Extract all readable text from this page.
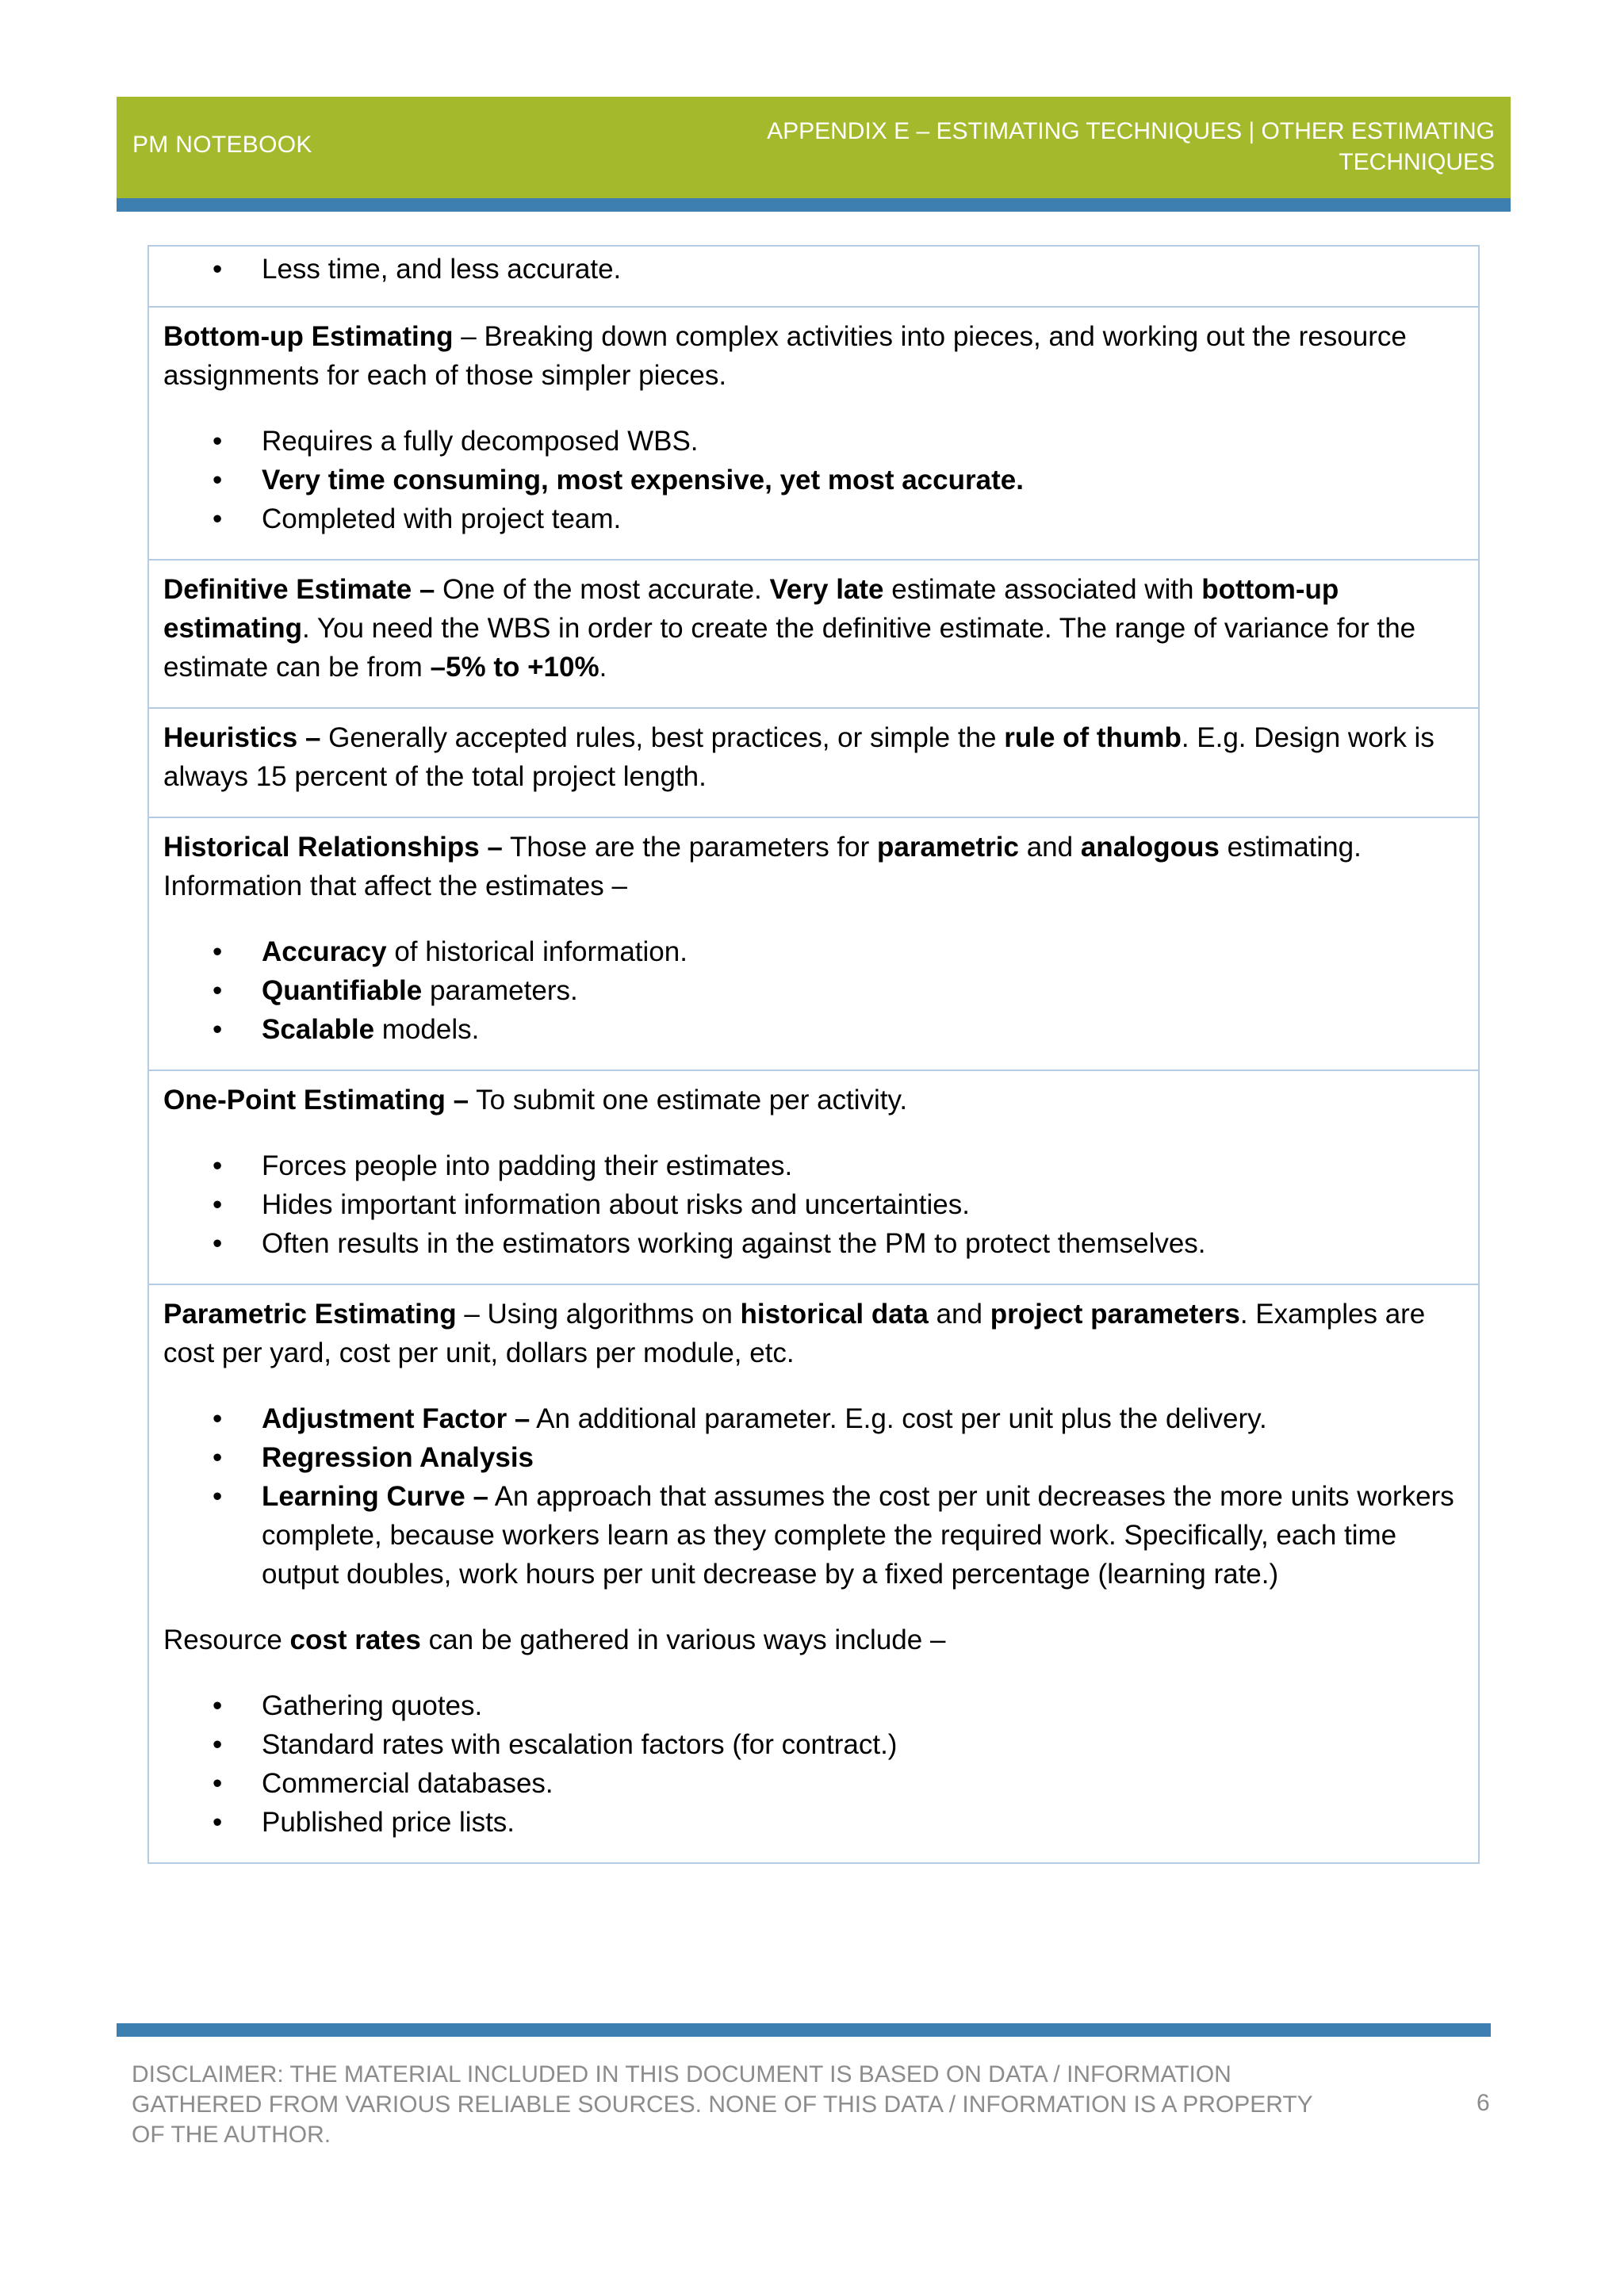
PM NOTEBOOK
APPENDIX E – ESTIMATING TECHNIQUES | OTHER ESTIMATING
TECHNIQUES
• Less time, and less accurate.

Bottom-up Estimating – Breaking down complex activities into pieces, and working out the resource assignments for each of those simpler pieces.

• Requires a fully decomposed WBS.
• Very time consuming, most expensive, yet most accurate.
• Completed with project team.

Definitive Estimate – One of the most accurate. Very late estimate associated with bottom-up estimating. You need the WBS in order to create the definitive estimate. The range of variance for the estimate can be from –5% to +10%.

Heuristics – Generally accepted rules, best practices, or simple the rule of thumb. E.g. Design work is always 15 percent of the total project length.

Historical Relationships – Those are the parameters for parametric and analogous estimating. Information that affect the estimates –

• Accuracy of historical information.
• Quantifiable parameters.
• Scalable models.

One-Point Estimating – To submit one estimate per activity.

• Forces people into padding their estimates.
• Hides important information about risks and uncertainties.
• Often results in the estimators working against the PM to protect themselves.

Parametric Estimating – Using algorithms on historical data and project parameters. Examples are cost per yard, cost per unit, dollars per module, etc.

• Adjustment Factor – An additional parameter. E.g. cost per unit plus the delivery.
• Regression Analysis
• Learning Curve – An approach that assumes the cost per unit decreases the more units workers complete, because workers learn as they complete the required work. Specifically, each time output doubles, work hours per unit decrease by a fixed percentage (learning rate.)

Resource cost rates can be gathered in various ways include –

• Gathering quotes.
• Standard rates with escalation factors (for contract.)
• Commercial databases.
• Published price lists.
DISCLAIMER: THE MATERIAL INCLUDED IN THIS DOCUMENT IS BASED ON DATA / INFORMATION GATHERED FROM VARIOUS RELIABLE SOURCES. NONE OF THIS DATA / INFORMATION IS A PROPERTY OF THE AUTHOR.
6
